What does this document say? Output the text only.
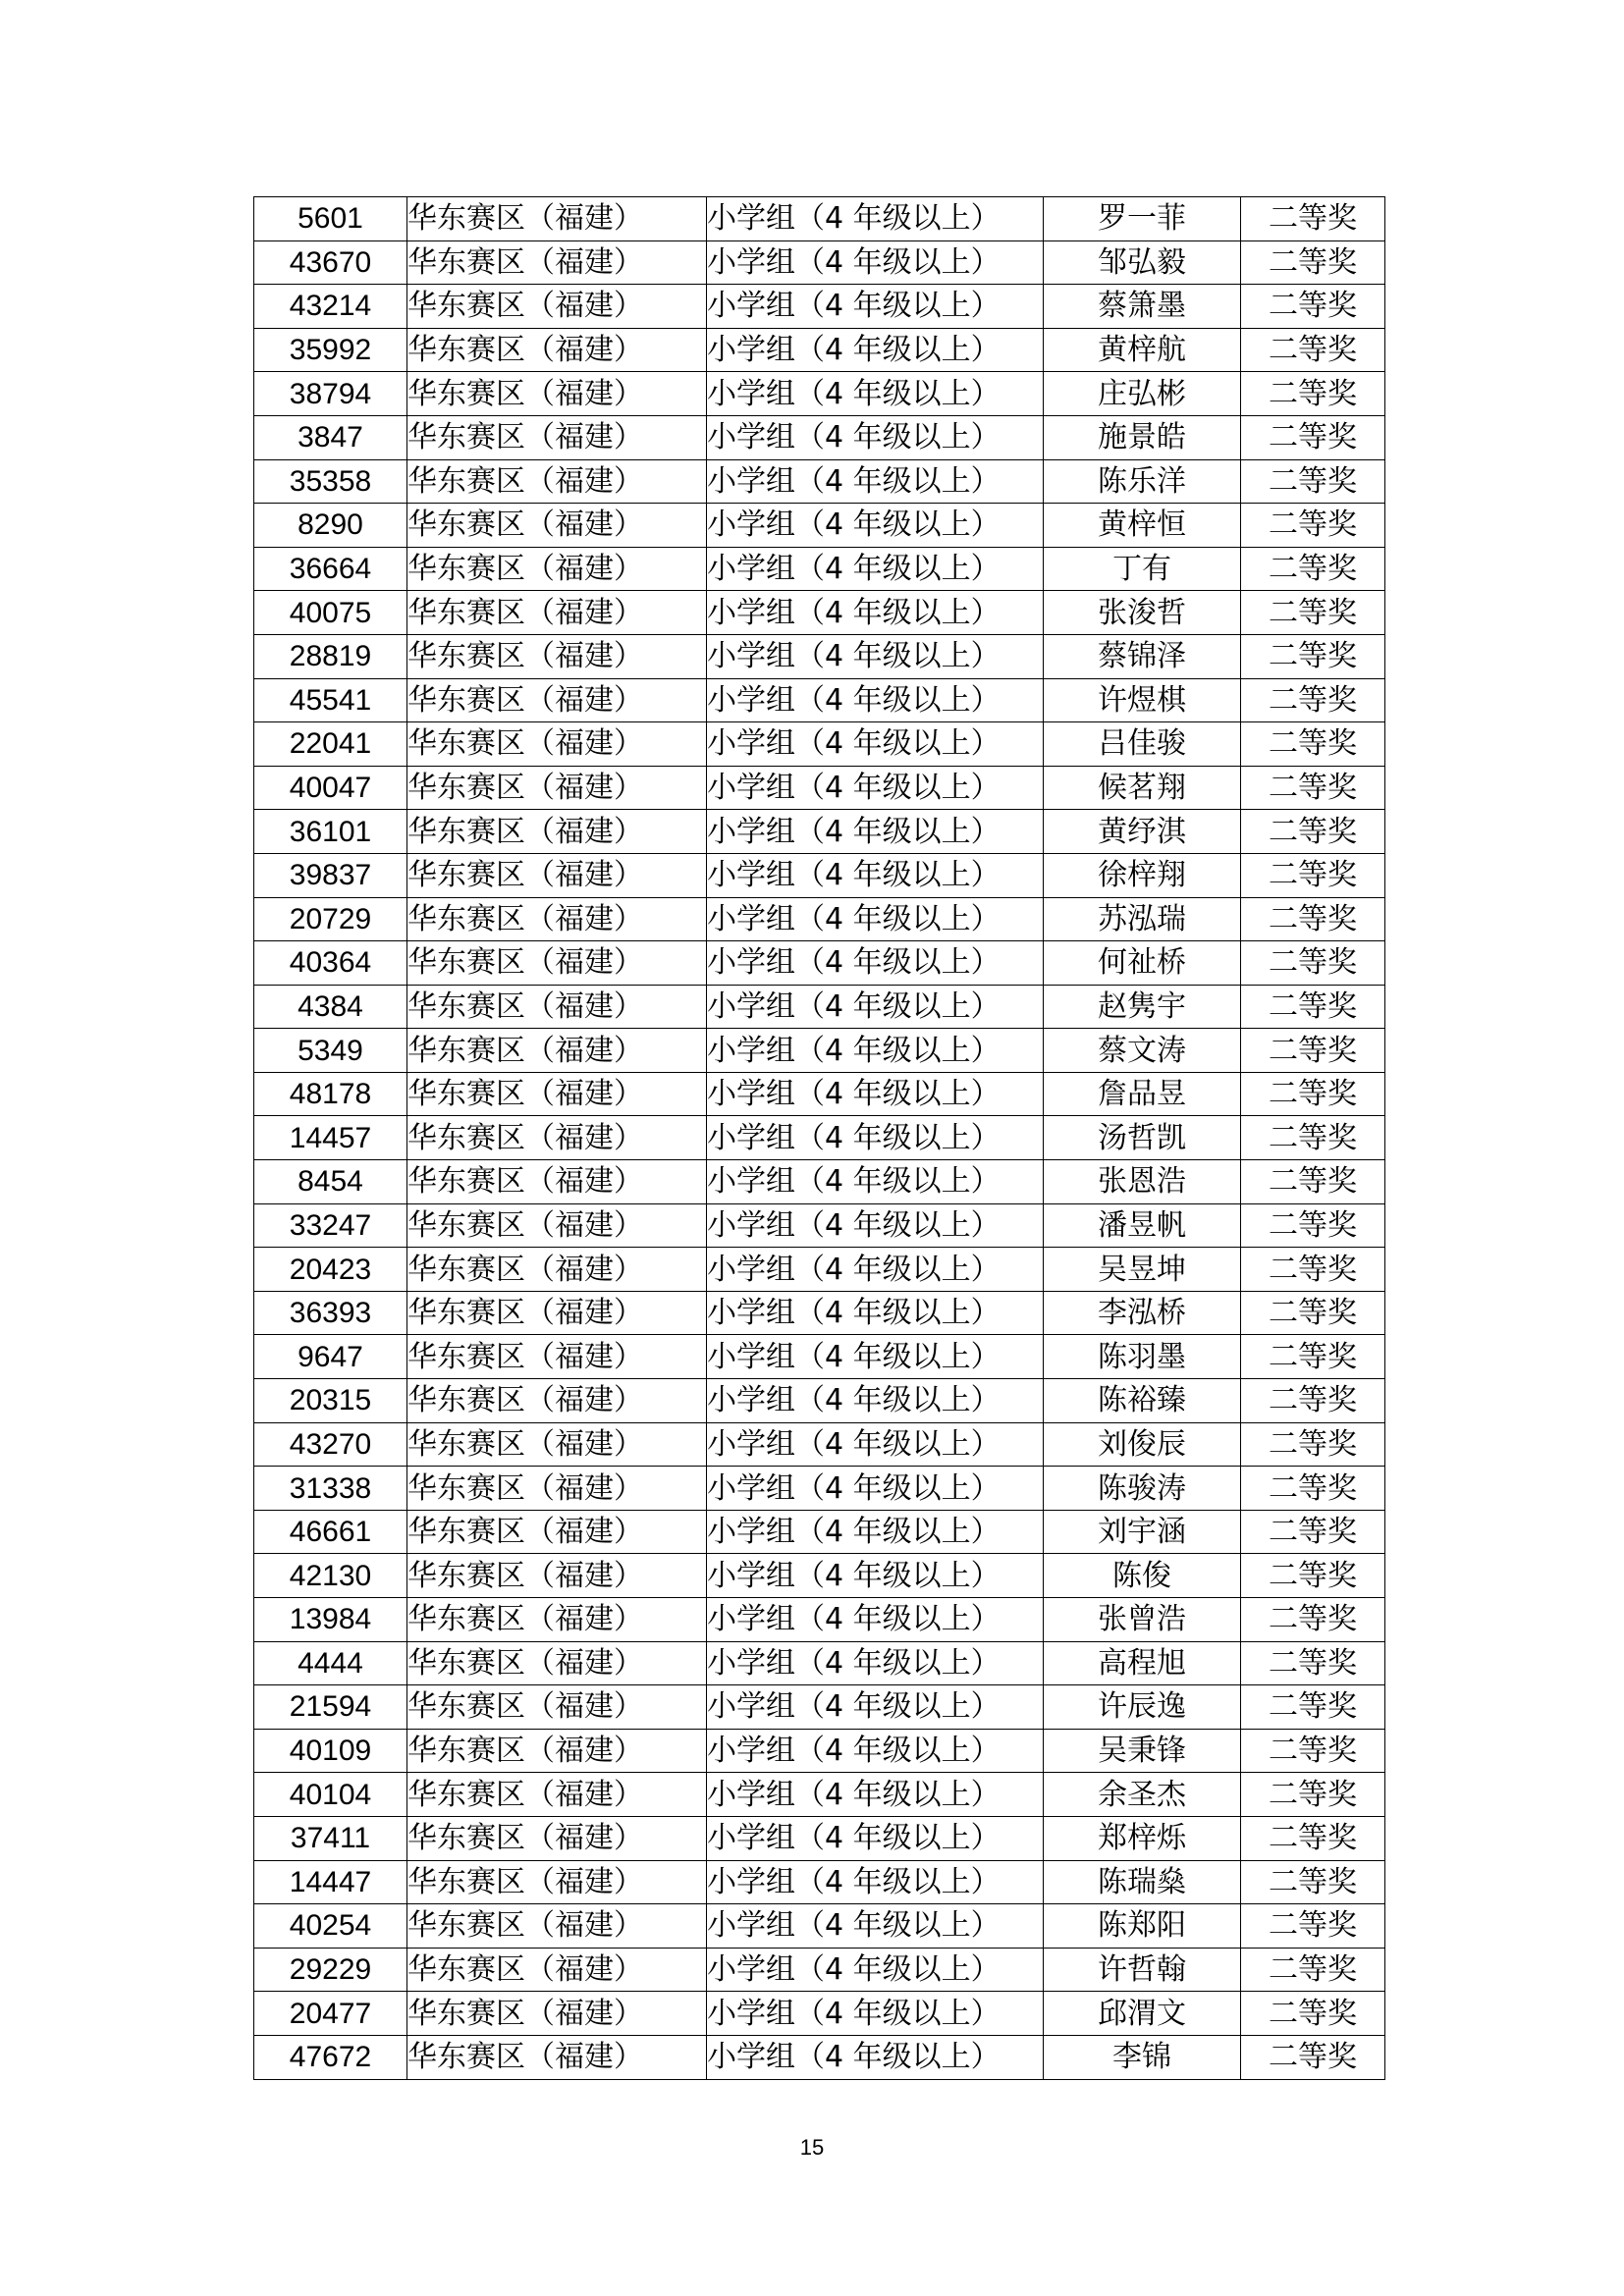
5601	华东赛区（福建）	小学组（4 年级以上）	罗一菲	二等奖
43670	华东赛区（福建）	小学组（4 年级以上）	邹弘毅	二等奖
43214	华东赛区（福建）	小学组（4 年级以上）	蔡箫墨	二等奖
35992	华东赛区（福建）	小学组（4 年级以上）	黄梓航	二等奖
38794	华东赛区（福建）	小学组（4 年级以上）	庄弘彬	二等奖
3847	华东赛区（福建）	小学组（4 年级以上）	施景皓	二等奖
35358	华东赛区（福建）	小学组（4 年级以上）	陈乐洋	二等奖
8290	华东赛区（福建）	小学组（4 年级以上）	黄梓恒	二等奖
36664	华东赛区（福建）	小学组（4 年级以上）	丁有	二等奖
40075	华东赛区（福建）	小学组（4 年级以上）	张浚哲	二等奖
28819	华东赛区（福建）	小学组（4 年级以上）	蔡锦泽	二等奖
45541	华东赛区（福建）	小学组（4 年级以上）	许煜棋	二等奖
22041	华东赛区（福建）	小学组（4 年级以上）	吕佳骏	二等奖
40047	华东赛区（福建）	小学组（4 年级以上）	候茗翔	二等奖
36101	华东赛区（福建）	小学组（4 年级以上）	黄纾淇	二等奖
39837	华东赛区（福建）	小学组（4 年级以上）	徐梓翔	二等奖
20729	华东赛区（福建）	小学组（4 年级以上）	苏泓瑞	二等奖
40364	华东赛区（福建）	小学组（4 年级以上）	何祉桥	二等奖
4384	华东赛区（福建）	小学组（4 年级以上）	赵隽宇	二等奖
5349	华东赛区（福建）	小学组（4 年级以上）	蔡文涛	二等奖
48178	华东赛区（福建）	小学组（4 年级以上）	詹品昱	二等奖
14457	华东赛区（福建）	小学组（4 年级以上）	汤哲凯	二等奖
8454	华东赛区（福建）	小学组（4 年级以上）	张恩浩	二等奖
33247	华东赛区（福建）	小学组（4 年级以上）	潘昱帆	二等奖
20423	华东赛区（福建）	小学组（4 年级以上）	吴昱坤	二等奖
36393	华东赛区（福建）	小学组（4 年级以上）	李泓桥	二等奖
9647	华东赛区（福建）	小学组（4 年级以上）	陈羽墨	二等奖
20315	华东赛区（福建）	小学组（4 年级以上）	陈裕臻	二等奖
43270	华东赛区（福建）	小学组（4 年级以上）	刘俊辰	二等奖
31338	华东赛区（福建）	小学组（4 年级以上）	陈骏涛	二等奖
46661	华东赛区（福建）	小学组（4 年级以上）	刘宇涵	二等奖
42130	华东赛区（福建）	小学组（4 年级以上）	陈俊	二等奖
13984	华东赛区（福建）	小学组（4 年级以上）	张曾浩	二等奖
4444	华东赛区（福建）	小学组（4 年级以上）	高程旭	二等奖
21594	华东赛区（福建）	小学组（4 年级以上）	许辰逸	二等奖
40109	华东赛区（福建）	小学组（4 年级以上）	吴秉锋	二等奖
40104	华东赛区（福建）	小学组（4 年级以上）	余圣杰	二等奖
37411	华东赛区（福建）	小学组（4 年级以上）	郑梓烁	二等奖
14447	华东赛区（福建）	小学组（4 年级以上）	陈瑞燊	二等奖
40254	华东赛区（福建）	小学组（4 年级以上）	陈郑阳	二等奖
29229	华东赛区（福建）	小学组（4 年级以上）	许哲翰	二等奖
20477	华东赛区（福建）	小学组（4 年级以上）	邱渭文	二等奖
47672	华东赛区（福建）	小学组（4 年级以上）	李锦	二等奖
15
